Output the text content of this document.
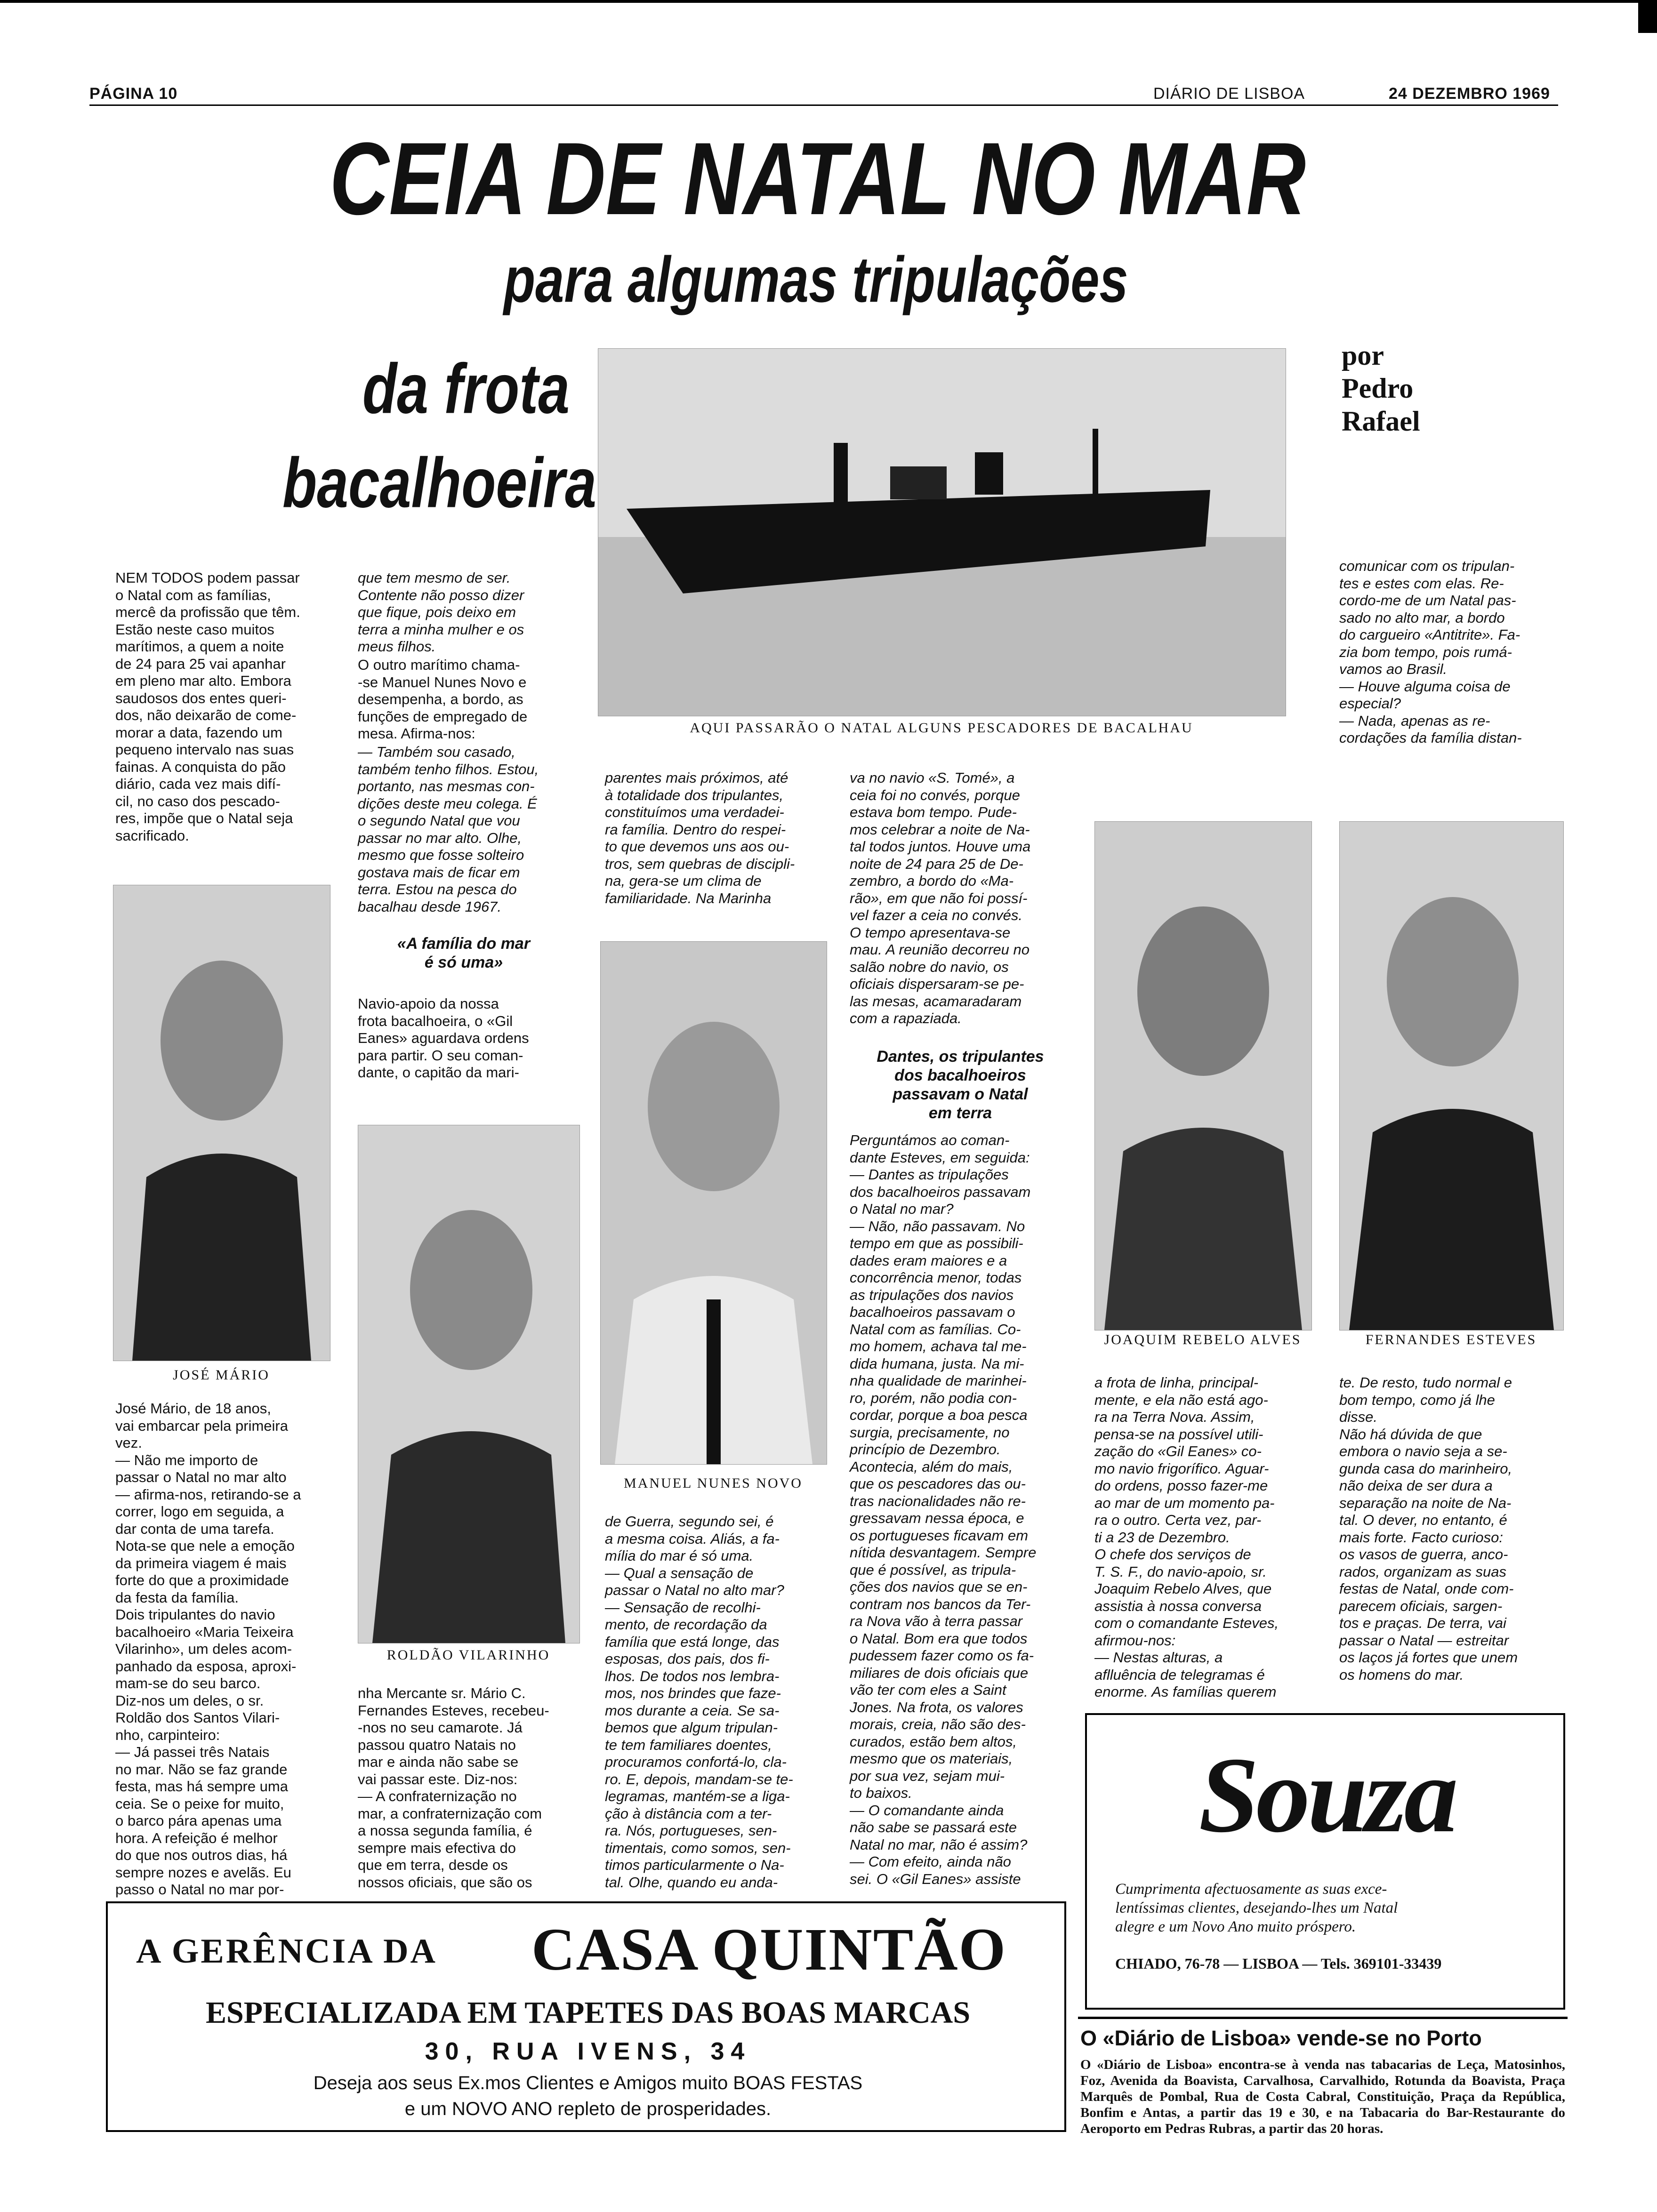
PÁGINA 10	DIÁRIO DE LISBOA	24 DEZEMBRO 1969
CEIA DE NATAL NO MAR
para algumas tripulações
da frota
bacalhoeira
por
Pedro
Rafael
AQUI PASSARÃO O NATAL ALGUNS PESCADORES DE BACALHAU
NEM TODOS podem passar
o Natal com as famílias,
mercê da profissão que têm.
Estão neste caso muitos
marítimos, a quem a noite
de 24 para 25 vai apanhar
em pleno mar alto. Embora
saudosos dos entes queri-
dos, não deixarão de come-
morar a data, fazendo um
pequeno intervalo nas suas
fainas. A conquista do pão
diário, cada vez mais difí-
cil, no caso dos pescado-
res, impõe que o Natal seja
sacrificado.
que tem mesmo de ser.
Contente não posso dizer
que fique, pois deixo em
terra a minha mulher e os
meus filhos.
O outro marítimo chama-
-se Manuel Nunes Novo e
desempenha, a bordo, as
funções de empregado de
mesa. Afirma-nos:
— Também sou casado,
também tenho filhos. Estou,
portanto, nas mesmas con-
dições deste meu colega. É
o segundo Natal que vou
passar no mar alto. Olhe,
mesmo que fosse solteiro
gostava mais de ficar em
terra. Estou na pesca do
bacalhau desde 1967.
«A família do mar
é só uma»
Navio-apoio da nossa
frota bacalhoeira, o «Gil
Eanes» aguardava ordens
para partir. O seu coman-
dante, o capitão da mari-
parentes mais próximos, até
à totalidade dos tripulantes,
constituímos uma verdadei-
ra família. Dentro do respei-
to que devemos uns aos ou-
tros, sem quebras de discipli-
na, gera-se um clima de
familiaridade. Na Marinha
va no navio «S. Tomé», a
ceia foi no convés, porque
estava bom tempo. Pude-
mos celebrar a noite de Na-
tal todos juntos. Houve uma
noite de 24 para 25 de De-
zembro, a bordo do «Ma-
rão», em que não foi possí-
vel fazer a ceia no convés.
O tempo apresentava-se
mau. A reunião decorreu no
salão nobre do navio, os
oficiais dispersaram-se pe-
las mesas, acamaradaram
com a rapaziada.
Dantes, os tripulantes
dos bacalhoeiros
passavam o Natal
em terra
Perguntámos ao coman-
dante Esteves, em seguida:
— Dantes as tripulações
dos bacalhoeiros passavam
o Natal no mar?
— Não, não passavam. No
tempo em que as possibili-
dades eram maiores e a
concorrência menor, todas
as tripulações dos navios
bacalhoeiros passavam o
Natal com as famílias. Co-
mo homem, achava tal me-
dida humana, justa. Na mi-
nha qualidade de marinhei-
ro, porém, não podia con-
cordar, porque a boa pesca
surgia, precisamente, no
princípio de Dezembro.
Acontecia, além do mais,
que os pescadores das ou-
tras nacionalidades não re-
gressavam nessa época, e
os portugueses ficavam em
nítida desvantagem. Sempre
que é possível, as tripula-
ções dos navios que se en-
contram nos bancos da Ter-
ra Nova vão à terra passar
o Natal. Bom era que todos
pudessem fazer como os fa-
miliares de dois oficiais que
vão ter com eles a Saint
Jones. Na frota, os valores
morais, creia, não são des-
curados, estão bem altos,
mesmo que os materiais,
por sua vez, sejam mui-
to baixos.
— O comandante ainda
não sabe se passará este
Natal no mar, não é assim?
— Com efeito, ainda não
sei. O «Gil Eanes» assiste
comunicar com os tripulan-
tes e estes com elas. Re-
cordo-me de um Natal pas-
sado no alto mar, a bordo
do cargueiro «Antitrite». Fa-
zia bom tempo, pois rumá-
vamos ao Brasil.
— Houve alguma coisa de
especial?
— Nada, apenas as re-
cordações da família distan-
JOSÉ MÁRIO
ROLDÃO VILARINHO
MANUEL NUNES NOVO
JOAQUIM REBELO ALVES	FERNANDES ESTEVES
José Mário, de 18 anos,
vai embarcar pela primeira
vez.
— Não me importo de
passar o Natal no mar alto
— afirma-nos, retirando-se a
correr, logo em seguida, a
dar conta de uma tarefa.
Nota-se que nele a emoção
da primeira viagem é mais
forte do que a proximidade
da festa da família.
Dois tripulantes do navio
bacalhoeiro «Maria Teixeira
Vilarinho», um deles acom-
panhado da esposa, aproxi-
mam-se do seu barco.
Diz-nos um deles, o sr.
Roldão dos Santos Vilari-
nho, carpinteiro:
— Já passei três Natais
no mar. Não se faz grande
festa, mas há sempre uma
ceia. Se o peixe for muito,
o barco pára apenas uma
hora. A refeição é melhor
do que nos outros dias, há
sempre nozes e avelãs. Eu
passo o Natal no mar por-
nha Mercante sr. Mário C.
Fernandes Esteves, recebeu-
-nos no seu camarote. Já
passou quatro Natais no
mar e ainda não sabe se
vai passar este. Diz-nos:
— A confraternização no
mar, a confraternização com
a nossa segunda família, é
sempre mais efectiva do
que em terra, desde os
nossos oficiais, que são os
de Guerra, segundo sei, é
a mesma coisa. Aliás, a fa-
mília do mar é só uma.
— Qual a sensação de
passar o Natal no alto mar?
— Sensação de recolhi-
mento, de recordação da
família que está longe, das
esposas, dos pais, dos fi-
lhos. De todos nos lembra-
mos, nos brindes que faze-
mos durante a ceia. Se sa-
bemos que algum tripulan-
te tem familiares doentes,
procuramos confortá-lo, cla-
ro. E, depois, mandam-se te-
legramas, mantém-se a liga-
ção à distância com a ter-
ra. Nós, portugueses, sen-
timentais, como somos, sen-
timos particularmente o Na-
tal. Olhe, quando eu anda-
a frota de linha, principal-
mente, e ela não está ago-
ra na Terra Nova. Assim,
pensa-se na possível utili-
zação do «Gil Eanes» co-
mo navio frigorífico. Aguar-
do ordens, posso fazer-me
ao mar de um momento pa-
ra o outro. Certa vez, par-
ti a 23 de Dezembro.
O chefe dos serviços de
T. S. F., do navio-apoio, sr.
Joaquim Rebelo Alves, que
assistia à nossa conversa
com o comandante Esteves,
afirmou-nos:
— Nestas alturas, a
aflluência de telegramas é
enorme. As famílias querem
te. De resto, tudo normal e
bom tempo, como já lhe
disse.
Não há dúvida de que
embora o navio seja a se-
gunda casa do marinheiro,
não deixa de ser dura a
separação na noite de Na-
tal. O dever, no entanto, é
mais forte. Facto curioso:
os vasos de guerra, anco-
rados, organizam as suas
festas de Natal, onde com-
parecem oficiais, sargen-
tos e praças. De terra, vai
passar o Natal — estreitar
os laços já fortes que unem
os homens do mar.
A GERÊNCIA DA CASA QUINTÃO
ESPECIALIZADA EM TAPETES DAS BOAS MARCAS
30, RUA IVENS, 34
Deseja aos seus Ex.mos Clientes e Amigos muito BOAS FESTAS
e um NOVO ANO repleto de prosperidades.
Souza
Cumprimenta afectuosamente as suas exce-
lentíssimas clientes, desejando-lhes um Natal
alegre e um Novo Ano muito próspero.
CHIADO, 76-78 — LISBOA — Tels. 369101-33439
O «Diário de Lisboa» vende-se no Porto
O «Diário de Lisboa» encontra-se à venda nas tabacarias de Leça, Matosinhos, Foz, Avenida da Boavista, Carvalhosa, Carvalhido, Rotunda da Boavista, Praça Marquês de Pombal, Rua de Costa Cabral, Constituição, Praça da República, Bonfim e Antas, a partir das 19 e 30, e na Tabacaria do Bar-Restaurante do Aeroporto em Pedras Rubras, a partir das 20 horas.
